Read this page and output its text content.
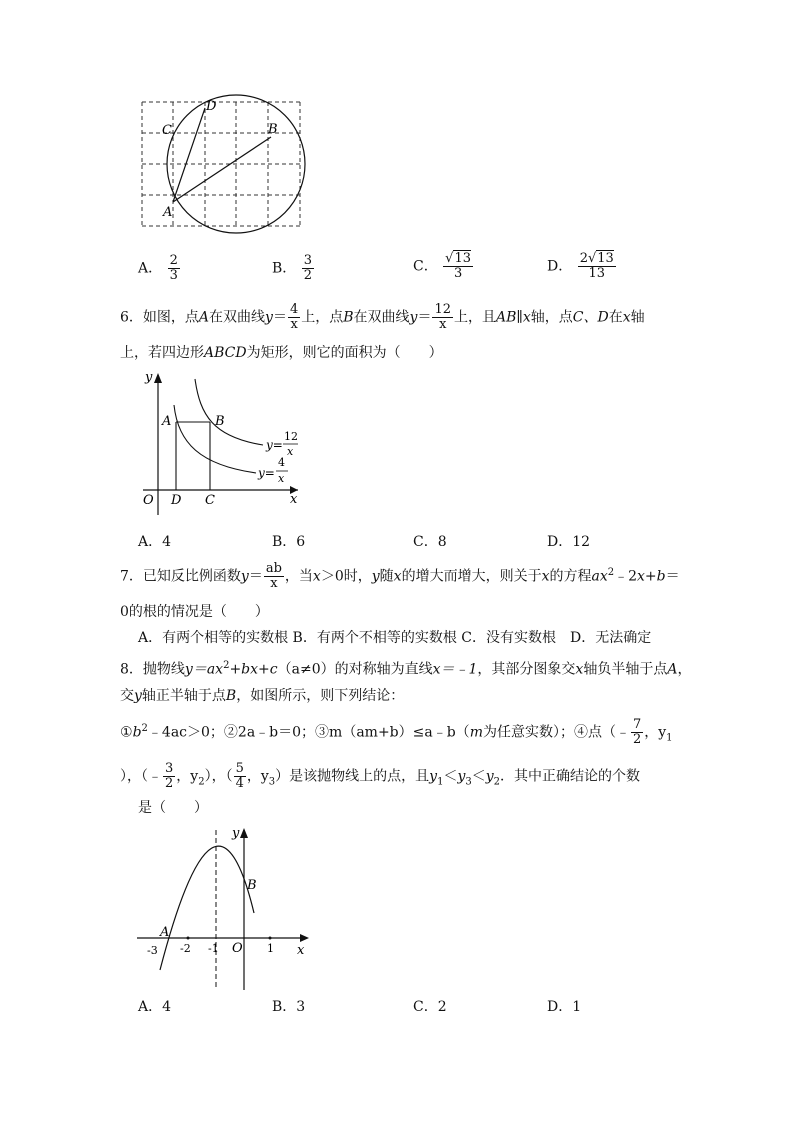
C
D
B
A
A． $\frac{2}{3}$	B． $\frac{3}{2}$	C． $\frac{√13}{3}$	D． $\frac{2√13}{13}$
6．如图，点A在双曲线$y= \frac{4}{x}$ 上，点B在双曲线$y= \frac{12}{x}$ 上，且AB∥x轴，点C、D在x轴
上，若四边形ABCD为矩形，则它的面积为（　　）
y
x
O
A	B
D C
y=
12
x
y=
4
x
A．4	B．6	C．8	D．12
7．已知反比例函数$y= \frac{ab}{x}$ ，当x＞0时，y随x的增大而增大，则关于x的方程$ax^2﹣2x+b=$
0的根的情况是（　　）
A．有两个相等的实数根 B．有两个不相等的实数根 C．没有实数根　D．无法确定
8．抛物线$y=ax^2+bx+c(a\ne 0)$的对称轴为直线x＝﹣1，其部分图象交x轴负半轴于点A，
交y轴正半轴于点B，如图所示，则下列结论：
$①b^2﹣4ac>0$；②2a﹣b＝0；③m（am+b）≤a﹣b（m为任意实数）；④点（﹣ $\frac{7}{2}$ ，$y_1$
），（﹣ $\frac{3}{2}$ ，$y_2$），（ $\frac{5}{4}$ ，$y_3$）是该抛物线上的点，且$y_1<y_3<y_2$．其中正确结论的个数
是（　　）
y
x
O
A
B
-3 -2 -1	1
A．4	B．3	C．2	D．1
